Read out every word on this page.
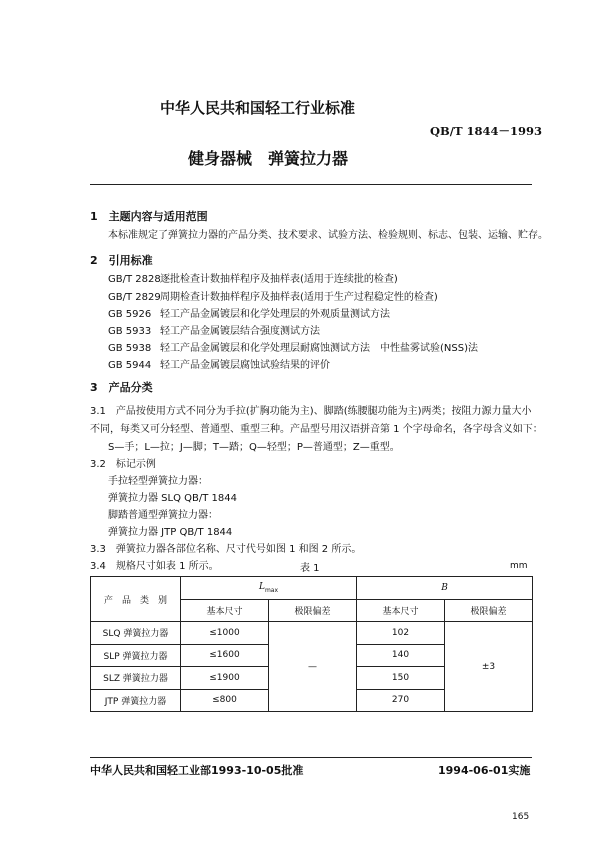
中华人民共和国轻工行业标准
QB/T 1844－1993
健身器械　弹簧拉力器
1　主题内容与适用范围
本标准规定了弹簧拉力器的产品分类、技术要求、试验方法、检验规则、标志、包装、运输、贮存。
2　引用标准
GB/T 2828逐批检查计数抽样程序及抽样表(适用于连续批的检查)
GB/T 2829周期检查计数抽样程序及抽样表(适用于生产过程稳定性的检查)
GB 5926 轻工产品金属镀层和化学处理层的外观质量测试方法
GB 5933 轻工产品金属镀层结合强度测试方法
GB 5938 轻工产品金属镀层和化学处理层耐腐蚀测试方法　中性盐雾试验(NSS)法
GB 5944 轻工产品金属镀层腐蚀试验结果的评价
3　产品分类
3.1　产品按使用方式不同分为手拉(扩胸功能为主)、脚踏(练腰腿功能为主)两类；按阻力源力量大小
不同，每类又可分轻型、普通型、重型三种。产品型号用汉语拼音第 1 个字母命名，各字母含义如下：
S—手；L—拉；J—脚；T—踏；Q—轻型；P—普通型；Z—重型。
3.2　标记示例
手拉轻型弹簧拉力器：
弹簧拉力器 SLQ QB/T 1844
脚踏普通型弹簧拉力器：
弹簧拉力器 JTP QB/T 1844
3.3　弹簧拉力器各部位名称、尺寸代号如图 1 和图 2 所示。
3.4　规格尺寸如表 1 所示。	表 1	mm
产　品　类　别	$L_{max}$		B	
	基本尺寸	极限偏差	基本尺寸	极限偏差
SLQ 弹簧拉力器	≤1000	—	102	±3
SLP 弹簧拉力器	≤1600		140	
SLZ 弹簧拉力器	≤1900		150	
JTP 弹簧拉力器	≤800		270	
中华人民共和国轻工业部1993-10-05批准	1994-06-01实施
165
